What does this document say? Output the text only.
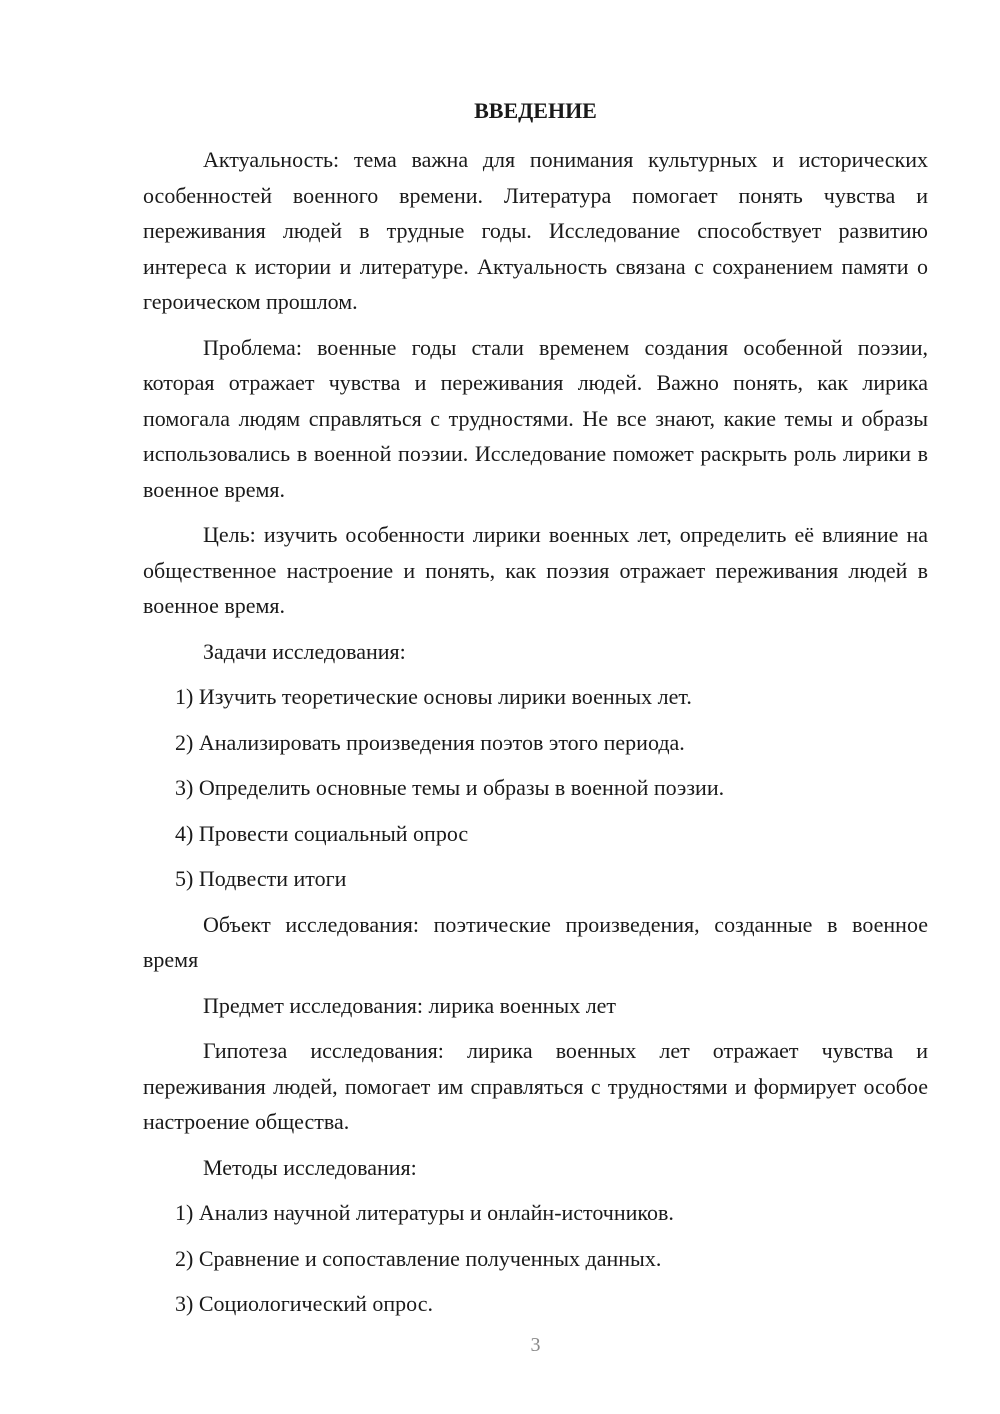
ВВЕДЕНИЕ

Актуальность: тема важна для понимания культурных и исторических особенностей военного времени. Литература помогает понять чувства и переживания людей в трудные годы. Исследование способствует развитию интереса к истории и литературе. Актуальность связана с сохранением памяти о героическом прошлом.

Проблема: военные годы стали временем создания особенной поэзии, которая отражает чувства и переживания людей. Важно понять, как лирика помогала людям справляться с трудностями. Не все знают, какие темы и образы использовались в военной поэзии. Исследование поможет раскрыть роль лирики в военное время.

Цель: изучить особенности лирики военных лет, определить её влияние на общественное настроение и понять, как поэзия отражает переживания людей в военное время.

Задачи исследования:

1) Изучить теоретические основы лирики военных лет.

2) Анализировать произведения поэтов этого периода.

3) Определить основные темы и образы в военной поэзии.

4) Провести социальный опрос

5) Подвести итоги

Объект исследования: поэтические произведения, созданные в военное время

Предмет исследования: лирика военных лет

Гипотеза исследования: лирика военных лет отражает чувства и переживания людей, помогает им справляться с трудностями и формирует особое настроение общества.

Методы исследования:

1) Анализ научной литературы и онлайн-источников.

2) Сравнение и сопоставление полученных данных.

3) Социологический опрос.

3
